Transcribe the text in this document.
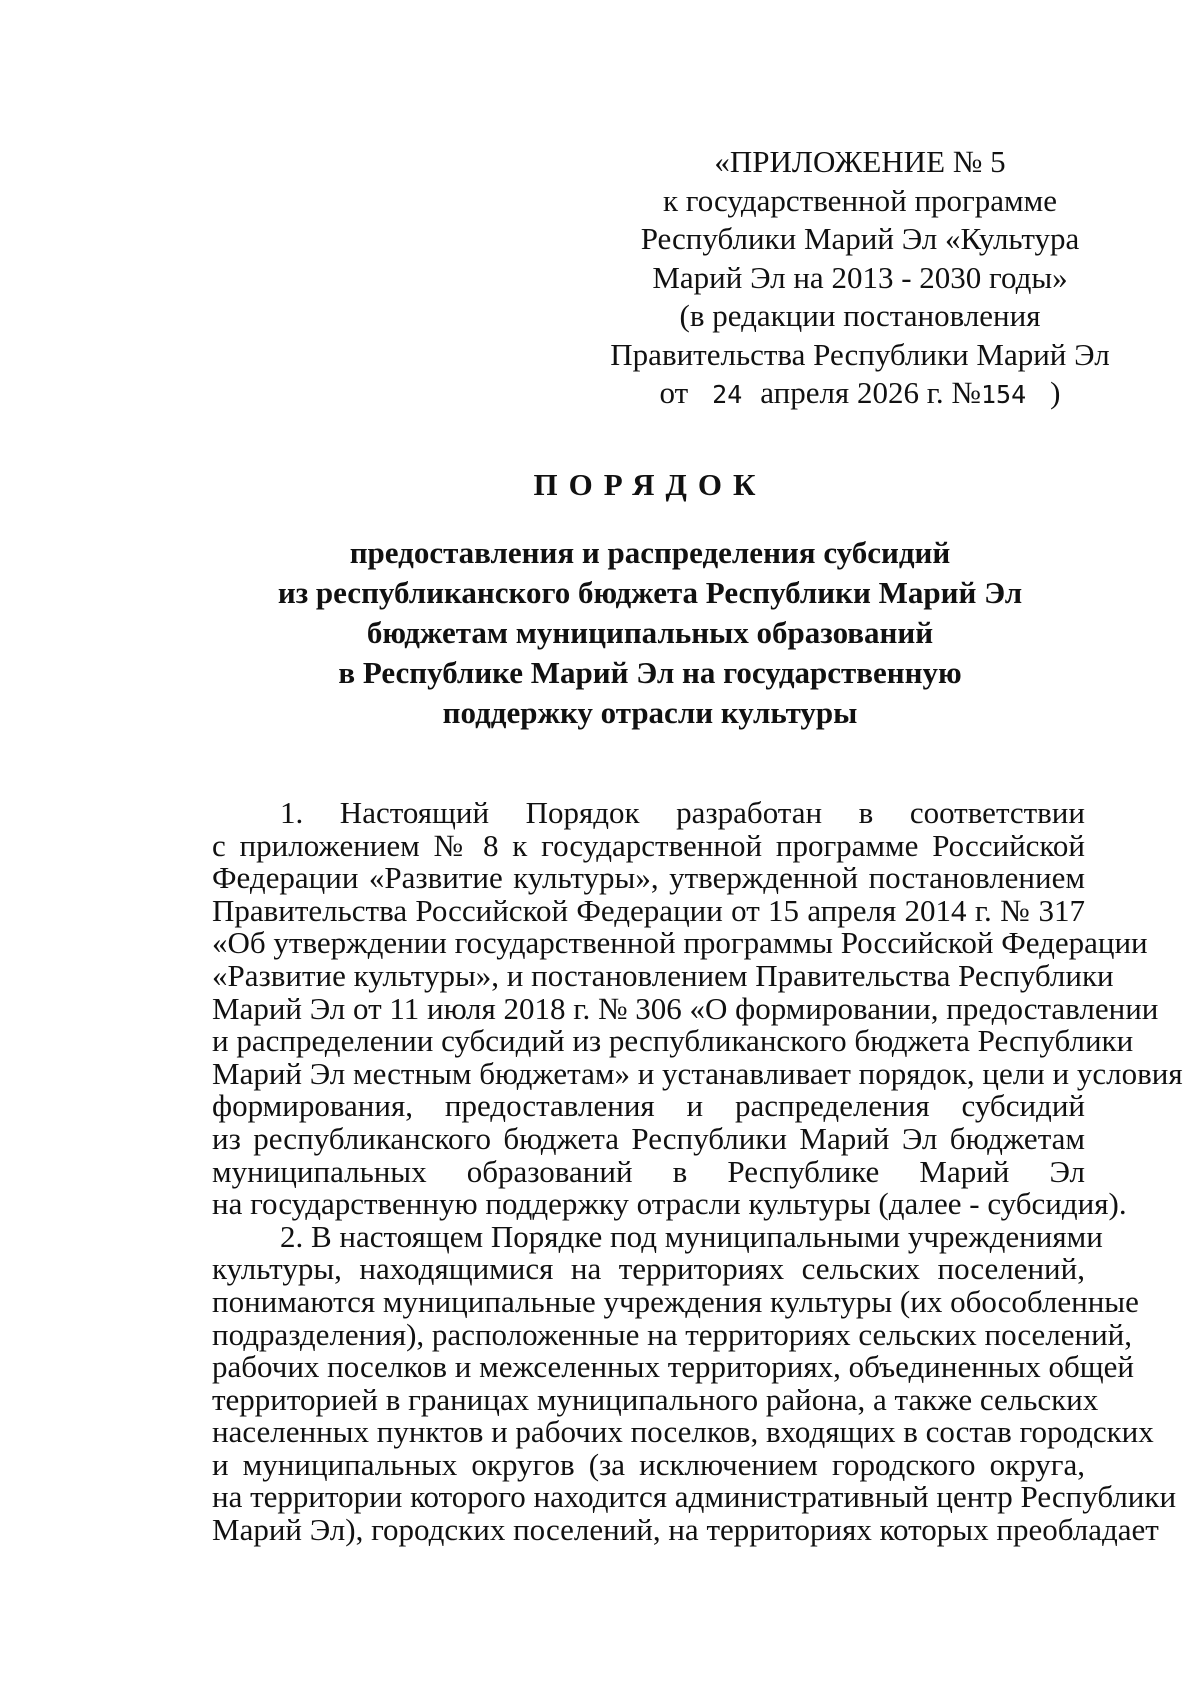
«ПРИЛОЖЕНИЕ № 5
к государственной программе
Республики Марий Эл «Культура
Марий Эл на 2013 - 2030 годы»
(в редакции постановления
Правительства Республики Марий Эл
от 24 апреля 2026 г. №154 )
ПОРЯДОК
предоставления и распределения субсидий
из республиканского бюджета Республики Марий Эл
бюджетам муниципальных образований
в Республике Марий Эл на государственную
поддержку отрасли культуры
1. Настоящий Порядок разработан в соответствии
с приложением № 8 к государственной программе Российской
Федерации «Развитие культуры», утвержденной постановлением
Правительства Российской Федерации от 15 апреля 2014 г. № 317
«Об утверждении государственной программы Российской Федерации
«Развитие культуры», и постановлением Правительства Республики
Марий Эл от 11 июля 2018 г. № 306 «О формировании, предоставлении
и распределении субсидий из республиканского бюджета Республики
Марий Эл местным бюджетам» и устанавливает порядок, цели и условия
формирования, предоставления и распределения субсидий
из республиканского бюджета Республики Марий Эл бюджетам
муниципальных образований в Республике Марий Эл
на государственную поддержку отрасли культуры (далее - субсидия).
2. В настоящем Порядке под муниципальными учреждениями
культуры, находящимися на территориях сельских поселений,
понимаются муниципальные учреждения культуры (их обособленные
подразделения), расположенные на территориях сельских поселений,
рабочих поселков и межселенных территориях, объединенных общей
территорией в границах муниципального района, а также сельских
населенных пунктов и рабочих поселков, входящих в состав городских
и муниципальных округов (за исключением городского округа,
на территории которого находится административный центр Республики
Марий Эл), городских поселений, на территориях которых преобладает
